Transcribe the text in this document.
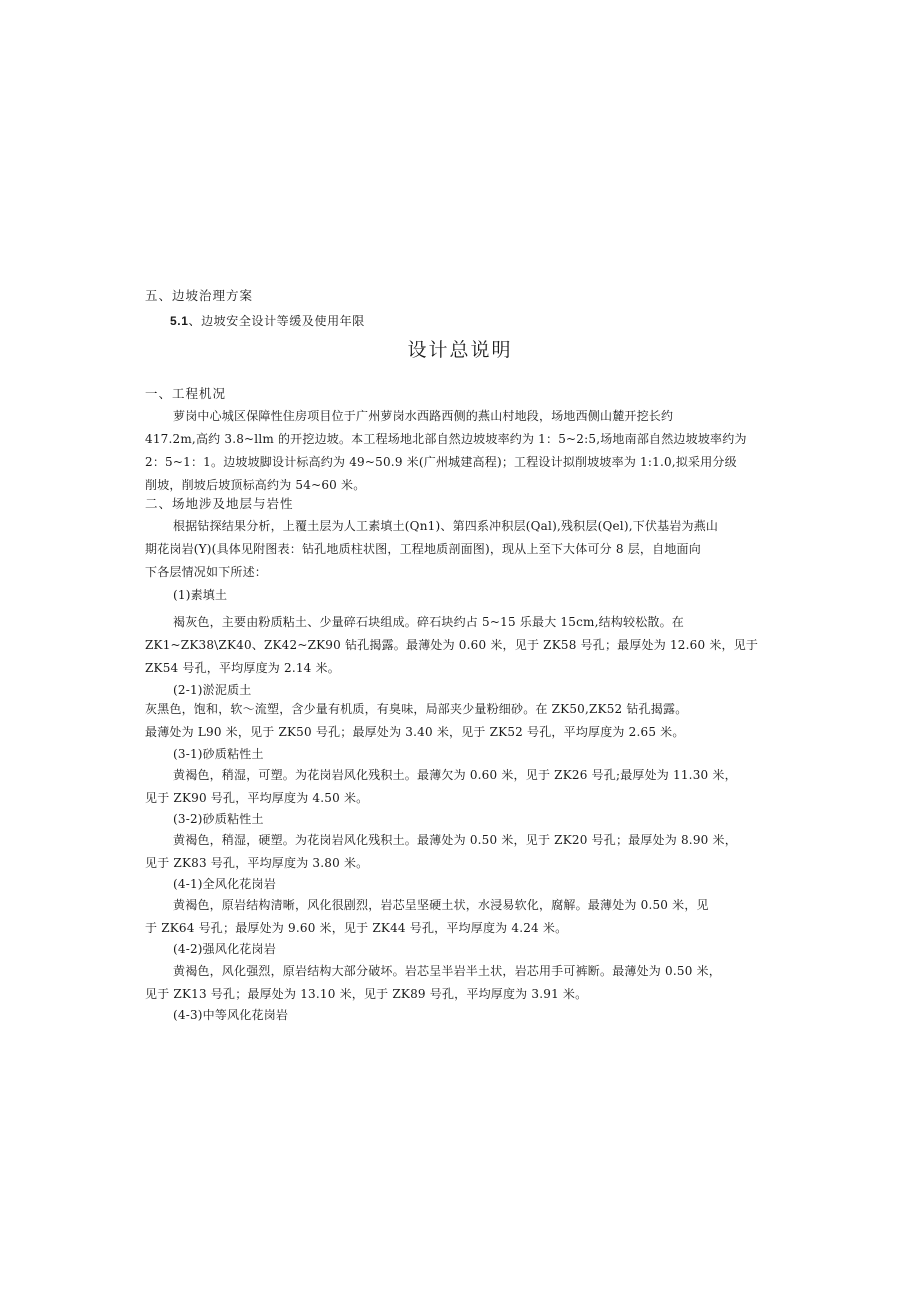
五、边坡治理方案
5.1、边坡安全设计等缓及使用年限
设计总说明
一、工程机况
萝岗中心城区保障性住房项目位于广州萝岗水西路西侧的燕山村地段，场地西侧山麓开挖长约
417.2m,高约 3.8~llm 的开挖边坡。本工程场地北部自然边坡坡率约为 1：5~2:5,场地南部自然边坡坡率约为
2：5~1：1。边坡坡脚设计标高约为 49~50.9 米(广州城建高程)；工程设计拟削坡坡率为 1:1.0,拟采用分级
削坡，削坡后坡顶标高约为 54~60 米。
二、场地涉及地层与岩性
根据钻探结果分析，上覆土层为人工素填土(Qn1)、第四系冲积层(Qal),残积层(Qel),下伏基岩为燕山
期花岗岩(Y)(具体见附图表：钻孔地质柱状图，工程地质剖面图)，现从上至下大体可分 8 层，自地面向
下各层情况如下所述：
(1)素填土
褐灰色，主要由粉质粘土、少量碎石块组成。碎石块约占 5~15 乐最大 15cm,结构较松散。在
ZK1~ZK38\ZK40、ZK42~ZK90 钻孔揭露。最薄处为 0.60 米，见于 ZK58 号孔；最厚处为 12.60 米，见于
ZK54 号孔，平均厚度为 2.14 米。
(2-1)淤泥质土
灰黑色，饱和，软～流塑，含少量有机质，有臭味，局部夹少量粉细砂。在 ZK50,ZK52 钻孔揭露。
最薄处为 L90 米，见于 ZK50 号孔；最厚处为 3.40 米，见于 ZK52 号孔，平均厚度为 2.65 米。
(3-1)砂质粘性土
黄褐色，稍湿，可塑。为花岗岩风化残积土。最薄欠为 0.60 米，见于 ZK26 号孔;最厚处为 11.30 米，
见于 ZK90 号孔，平均厚度为 4.50 米。
(3-2)砂质粘性土
黄褐色，稍湿，硬塑。为花岗岩风化残积土。最薄处为 0.50 米，见于 ZK20 号孔；最厚处为 8.90 米，
见于 ZK83 号孔，平均厚度为 3.80 米。
(4-1)全风化花岗岩
黄褐色，原岩结构清晰，风化很剧烈，岩芯呈坚硬土状，水浸易软化，腐解。最薄处为 0.50 米，见
于 ZK64 号孔；最厚处为 9.60 米，见于 ZK44 号孔，平均厚度为 4.24 米。
(4-2)强风化花岗岩
黄褐色，风化强烈，原岩结构大部分破坏。岩芯呈半岩半土状，岩芯用手可裤断。最薄处为 0.50 米，
见于 ZK13 号孔；最厚处为 13.10 米，见于 ZK89 号孔，平均厚度为 3.91 米。
(4-3)中等风化花岗岩
